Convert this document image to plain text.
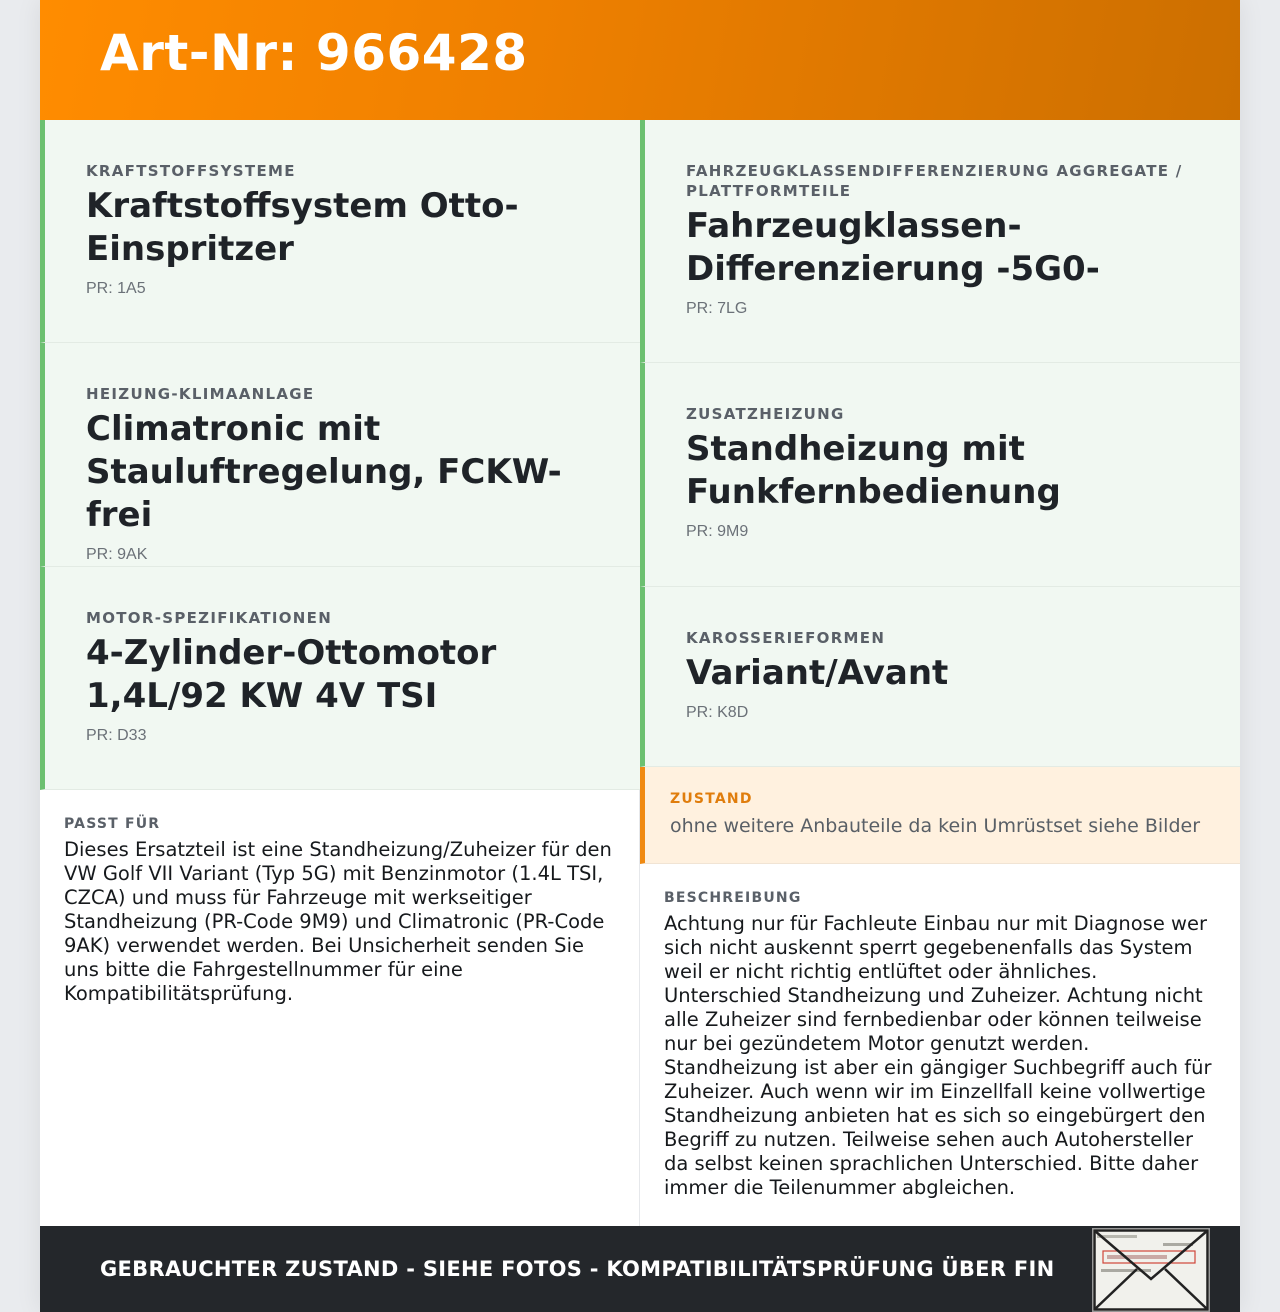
Art-Nr: 966428
KRAFTSTOFFSYSTEME
Kraftstoffsystem Otto-Einspritzer
PR: 1A5
HEIZUNG-KLIMAANLAGE
Climatronic mit Stauluftregelung, FCKW-frei
PR: 9AK
MOTOR-SPEZIFIKATIONEN
4-Zylinder-Ottomotor 1,4L/92 KW 4V TSI
PR: D33
PASST FÜR
Dieses Ersatzteil ist eine Standheizung/Zuheizer für den VW Golf VII Variant (Typ 5G) mit Benzinmotor (1.4L TSI, CZCA) und muss für Fahrzeuge mit werkseitiger Standheizung (PR-Code 9M9) und Climatronic (PR-Code 9AK) verwendet werden. Bei Unsicherheit senden Sie uns bitte die Fahrgestellnummer für eine Kompatibilitätsprüfung.
FAHRZEUGKLASSENDIFFERENZIERUNG AGGREGATE / PLATTFORMTEILE
Fahrzeugklassen-Differenzierung -5G0-
PR: 7LG
ZUSATZHEIZUNG
Standheizung mit Funkfernbedienung
PR: 9M9
KAROSSERIEFORMEN
Variant/Avant
PR: K8D
ZUSTAND
ohne weitere Anbauteile da kein Umrüstset siehe Bilder
BESCHREIBUNG
Achtung nur für Fachleute Einbau nur mit Diagnose wer sich nicht auskennt sperrt gegebenenfalls das System weil er nicht richtig entlüftet oder ähnliches. Unterschied Standheizung und Zuheizer. Achtung nicht alle Zuheizer sind fernbedienbar oder können teilweise nur bei gezündetem Motor genutzt werden. Standheizung ist aber ein gängiger Suchbegriff auch für Zuheizer. Auch wenn wir im Einzellfall keine vollwertige Standheizung anbieten hat es sich so eingebürgert den Begriff zu nutzen. Teilweise sehen auch Autohersteller da selbst keinen sprachlichen Unterschied. Bitte daher immer die Teilenummer abgleichen.
GEBRAUCHTER ZUSTAND - SIEHE FOTOS - KOMPATIBILITÄTSPRÜFUNG ÜBER FIN
